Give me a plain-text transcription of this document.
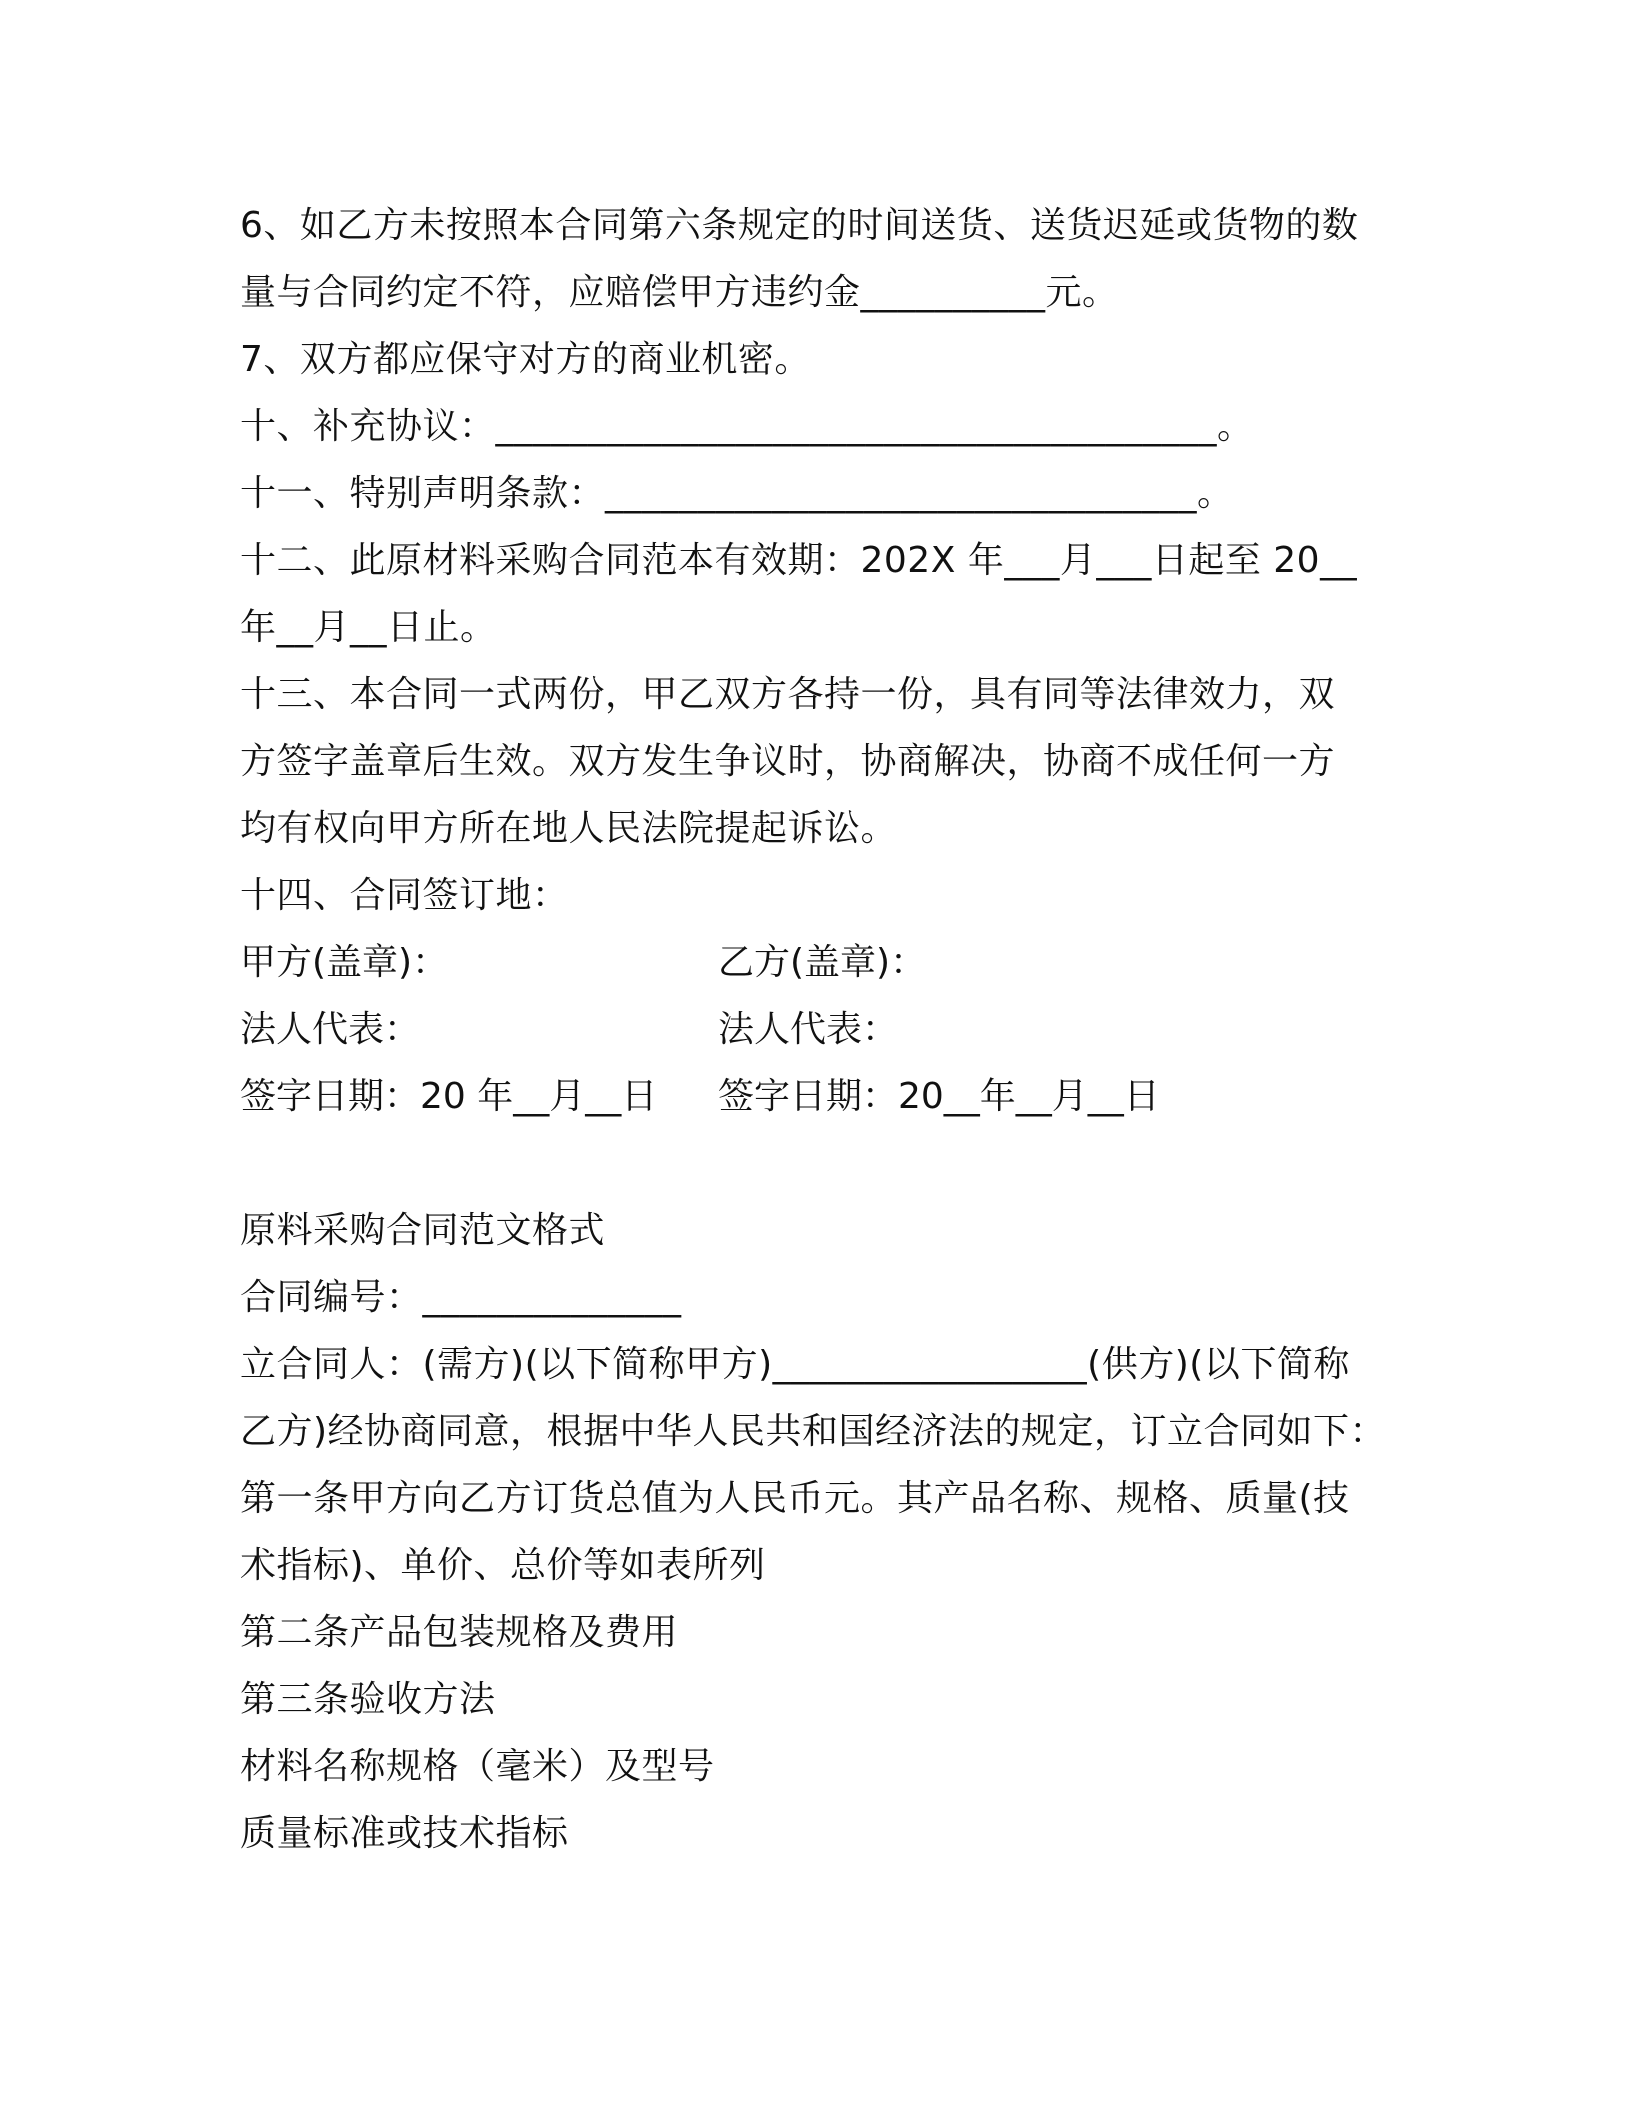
6、如乙方未按照本合同第六条规定的时间送货、送货迟延或货物的数
量与合同约定不符，应赔偿甲方违约金__________元。
7、双方都应保守对方的商业机密。
十、补充协议：_______________________________________。
十一、特别声明条款：________________________________。
十二、此原材料采购合同范本有效期：202X 年___月___日起至 20__
年__月__日止。
十三、本合同一式两份，甲乙双方各持一份，具有同等法律效力，双
方签字盖章后生效。双方发生争议时，协商解决，协商不成任何一方
均有权向甲方所在地人民法院提起诉讼。
十四、合同签订地：
甲方(盖章)：	乙方(盖章)：
法人代表：	法人代表：
签字日期：20 年__月__日	签字日期：20__年__月__日
原料采购合同范文格式
合同编号：______________
立合同人：(需方)(以下简称甲方)_________________(供方)(以下简称
乙方)经协商同意，根据中华人民共和国经济法的规定，订立合同如下：
第一条甲方向乙方订货总值为人民币元。其产品名称、规格、质量(技
术指标)、单价、总价等如表所列
第二条产品包装规格及费用
第三条验收方法
材料名称规格（毫米）及型号
质量标准或技术指标
